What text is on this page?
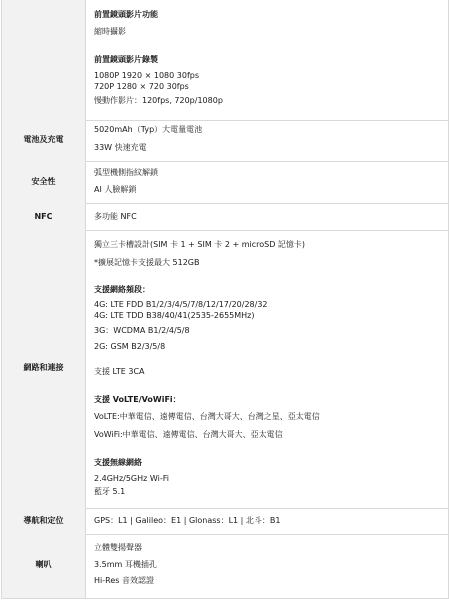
前置鏡頭影片功能
縮時攝影
前置鏡頭影片錄製
1080P 1920 × 1080 30fps
720P 1280 × 720 30fps
慢動作影片：120fps, 720p/1080p
電池及充電
5020mAh（Typ）大電量電池
33W 快速充電
安全性
弧型機側指紋解鎖
AI 人臉解鎖
NFC	多功能 NFC
網路和連接
獨立三卡槽設計(SIM 卡 1 + SIM 卡 2 + microSD 記憶卡)
*擴展記憶卡支援最大 512GB
支援網絡頻段：
4G: LTE FDD B1/2/3/4/5/7/8/12/17/20/28/32
4G: LTE TDD B38/40/41(2535-2655MHz)
3G：WCDMA B1/2/4/5/8
2G: GSM B2/3/5/8
支援 LTE 3CA
支援 VoLTE/VoWiFi：
VoLTE:中華電信、遠傳電信、台灣大哥大、台灣之星、亞太電信
VoWiFi:中華電信、遠傳電信、台灣大哥大、亞太電信
支援無線網絡
2.4GHz/5GHz Wi-Fi
藍牙 5.1
導航和定位	GPS：L1 | Galileo：E1 | Glonass：L1 | 北斗：B1
喇叭
立體雙揚聲器
3.5mm 耳機插孔
Hi-Res 音效認證
